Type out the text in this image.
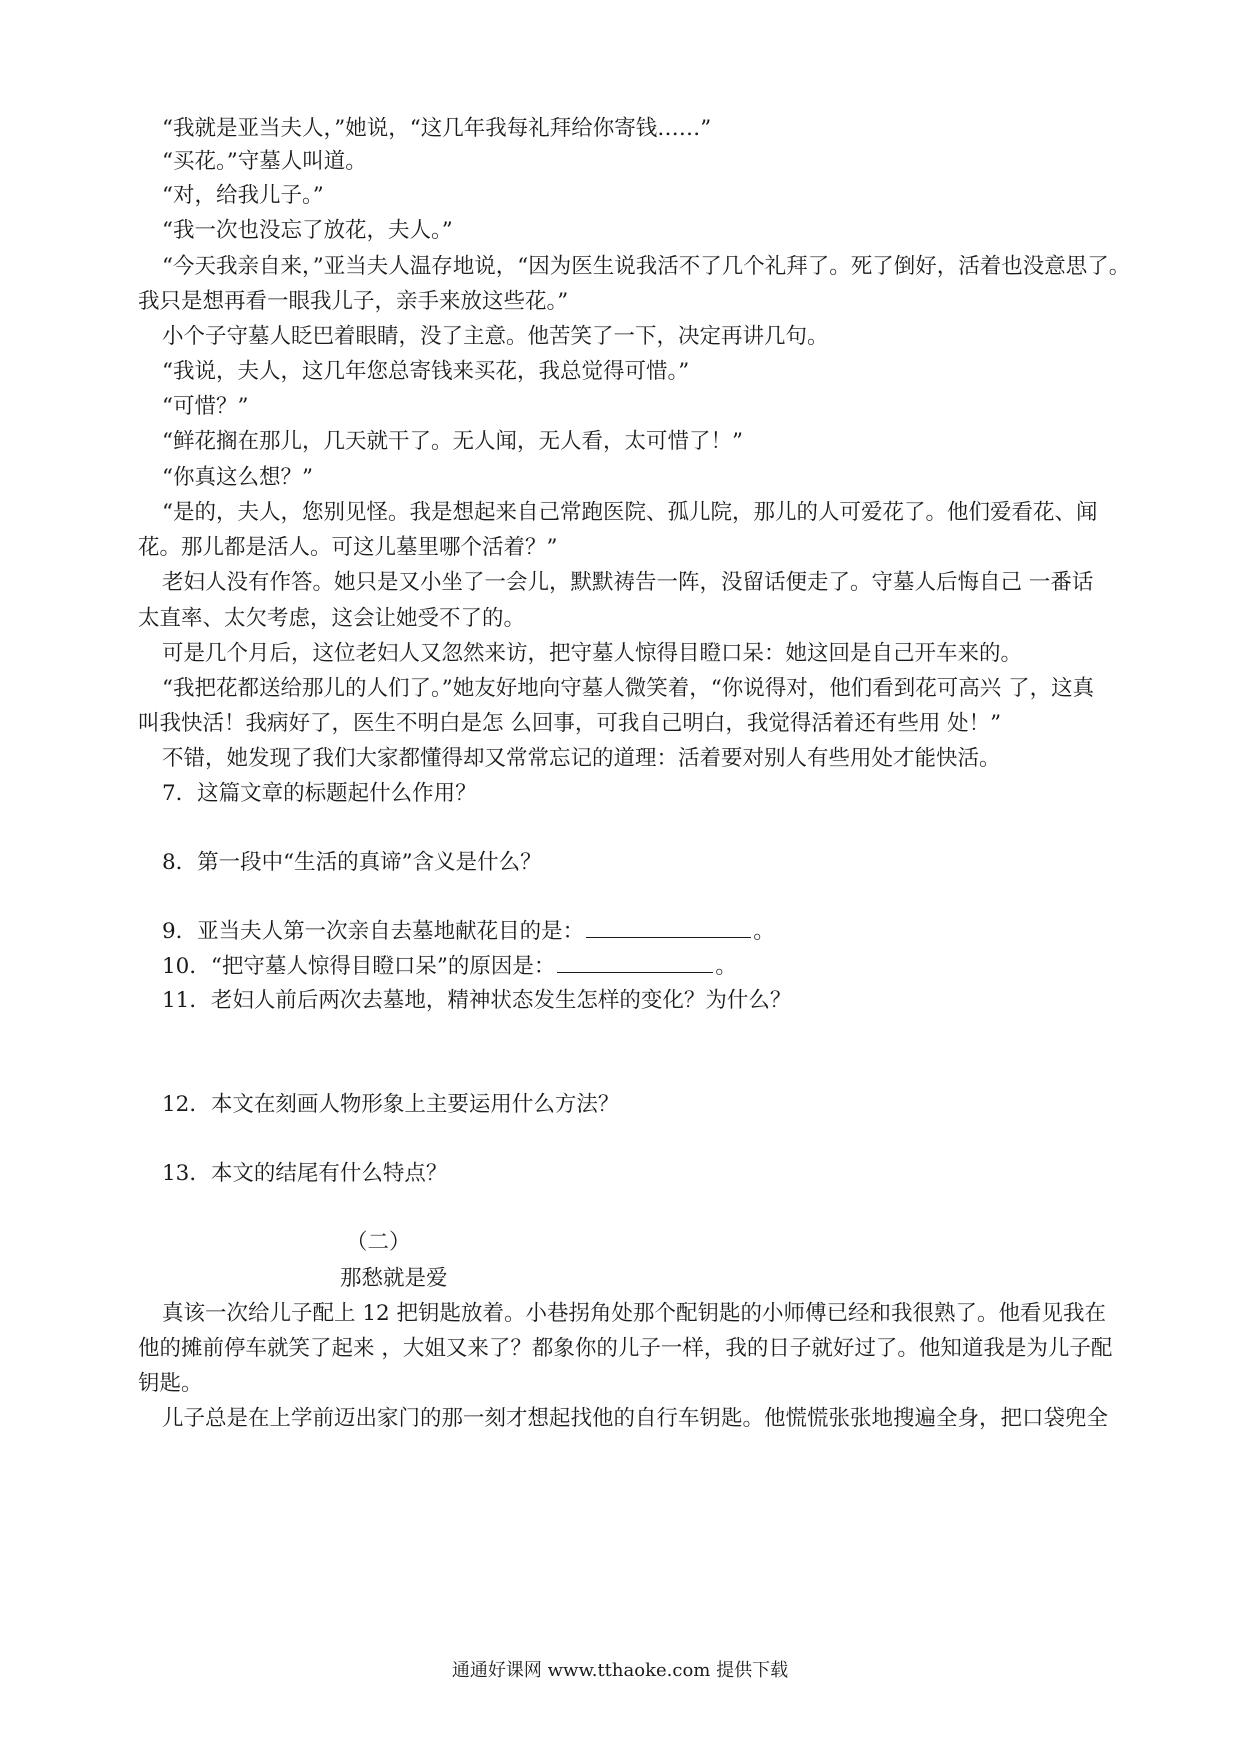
“我就是亚当夫人，”她说，“这几年我每礼拜给你寄钱……”
“买花。”守墓人叫道。
“对，给我儿子。”
“我一次也没忘了放花，夫人。”
“今天我亲自来，”亚当夫人温存地说，“因为医生说我活不了几个礼拜了。死了倒好，活着也没意思了。
我只是想再看一眼我儿子，亲手来放这些花。”
小个子守墓人眨巴着眼睛，没了主意。他苦笑了一下，决定再讲几句。
“我说，夫人，这几年您总寄钱来买花，我总觉得可惜。”
“可惜？”
“鲜花搁在那儿，几天就干了。无人闻，无人看，太可惜了！”
“你真这么想？”
“是的，夫人，您别见怪。我是想起来自己常跑医院、孤儿院，那儿的人可爱花了。他们爱看花、闻
花。那儿都是活人。可这儿墓里哪个活着？”
老妇人没有作答。她只是又小坐了一会儿，默默祷告一阵，没留话便走了。守墓人后悔自己 一番话
太直率、太欠考虑，这会让她受不了的。
可是几个月后，这位老妇人又忽然来访，把守墓人惊得目瞪口呆：她这回是自己开车来的。
“我把花都送给那儿的人们了。”她友好地向守墓人微笑着，“你说得对，他们看到花可高兴 了，这真
叫我快活！我病好了，医生不明白是怎 么回事，可我自己明白，我觉得活着还有些用 处！”
不错，她发现了我们大家都懂得却又常常忘记的道理：活着要对别人有些用处才能快活。
7．这篇文章的标题起什么作用？
8．第一段中“生活的真谛”含义是什么？
9．亚当夫人第一次亲自去墓地献花目的是：	。
10．“把守墓人惊得目瞪口呆”的原因是：	。
11．老妇人前后两次去墓地，精神状态发生怎样的变化？为什么？
12．本文在刻画人物形象上主要运用什么方法？
13．本文的结尾有什么特点？
（二）
那愁就是爱
真该一次给儿子配上 12 把钥匙放着。小巷拐角处那个配钥匙的小师傅已经和我很熟了。他看见我在
他的摊前停车就笑了起来 ，大姐又来了？都象你的儿子一样，我的日子就好过了。他知道我是为儿子配
钥匙。
儿子总是在上学前迈出家门的那一刻才想起找他的自行车钥匙。他慌慌张张地搜遍全身，把口袋兜全
通通好课网 www.tthaoke.com 提供下载
